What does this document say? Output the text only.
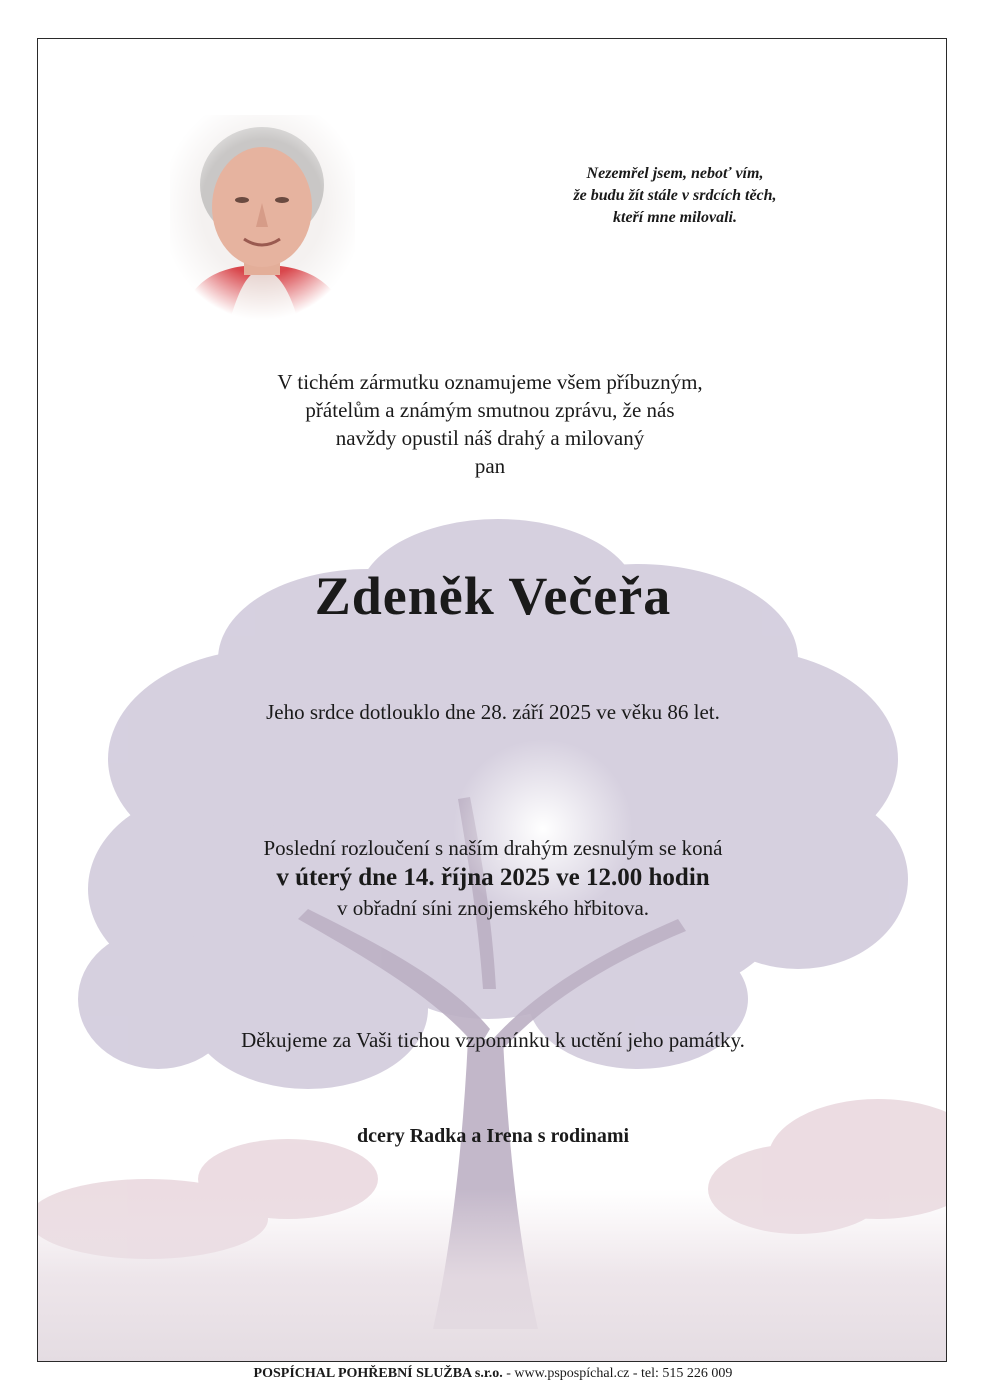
Nezemřel jsem, neboť vím,
že budu žít stále v srdcích těch,
kteří mne milovali.
V tichém zármutku oznamujeme všem příbuzným,
přátelům a známým smutnou zprávu, že nás
navždy opustil náš drahý a milovaný
pan
Zdeněk Večeřa
Jeho srdce dotlouklo dne 28. září 2025 ve věku 86 let.
Poslední rozloučení s naším drahým zesnulým se koná
v úterý dne 14. října 2025 ve 12.00 hodin
v obřadní síni znojemského hřbitova.
Děkujeme za Vaši tichou vzpomínku k uctění jeho památky.
dcery Radka a Irena s rodinami
POSPÍCHAL POHŘEBNÍ SLUŽBA s.r.o. - www.pspospíchal.cz - tel: 515 226 009
